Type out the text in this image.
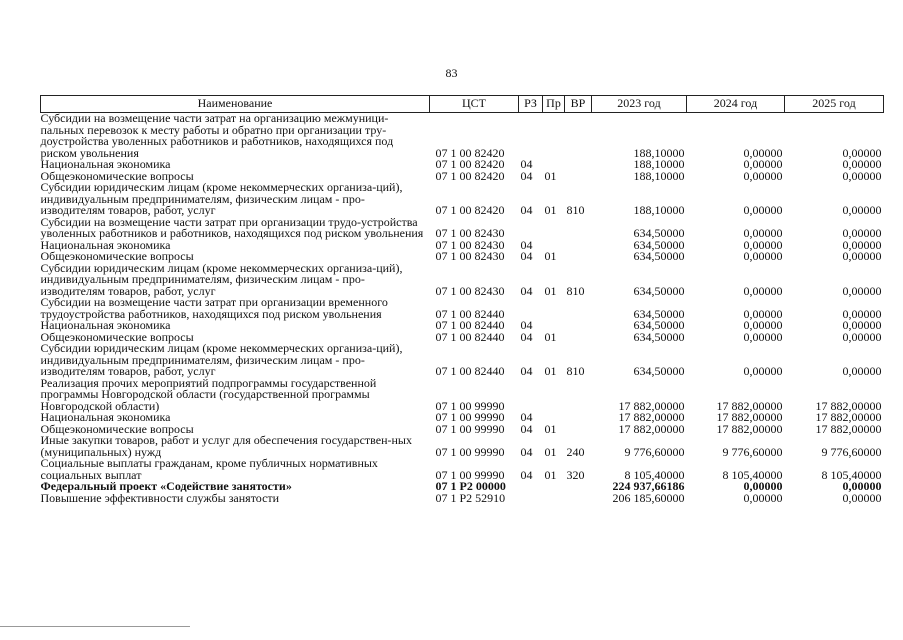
83
Наименование	ЦСТ	РЗ	Пр	ВР	2023 год	2024 год	2025 год
Субсидии на возмещение части затрат на организацию межмуници-пальных перевозок к месту работы и обратно при организации тру-доустройства уволенных работников и работников, находящихся под риском увольнения	07 1 00 82420				188,10000	0,00000	0,00000
Национальная экономика	07 1 00 82420	04			188,10000	0,00000	0,00000
Общеэкономические вопросы	07 1 00 82420	04	01		188,10000	0,00000	0,00000
Субсидии юридическим лицам (кроме некоммерческих организа-ций), индивидуальным предпринимателям, физическим лицам - про-изводителям товаров, работ, услуг	07 1 00 82420	04	01	810	188,10000	0,00000	0,00000
Субсидии на возмещение части затрат при организации трудо-устройства уволенных работников и работников, находящихся под риском увольнения	07 1 00 82430				634,50000	0,00000	0,00000
Национальная экономика	07 1 00 82430	04			634,50000	0,00000	0,00000
Общеэкономические вопросы	07 1 00 82430	04	01		634,50000	0,00000	0,00000
Субсидии юридическим лицам (кроме некоммерческих организа-ций), индивидуальным предпринимателям, физическим лицам - про-изводителям товаров, работ, услуг	07 1 00 82430	04	01	810	634,50000	0,00000	0,00000
Субсидии на возмещение части затрат при организации временного трудоустройства работников, находящихся под риском увольнения	07 1 00 82440				634,50000	0,00000	0,00000
Национальная экономика	07 1 00 82440	04			634,50000	0,00000	0,00000
Общеэкономические вопросы	07 1 00 82440	04	01		634,50000	0,00000	0,00000
Субсидии юридическим лицам (кроме некоммерческих организа-ций), индивидуальным предпринимателям, физическим лицам - про-изводителям товаров, работ, услуг	07 1 00 82440	04	01	810	634,50000	0,00000	0,00000
Реализация прочих мероприятий подпрограммы государственной программы Новгородской области (государственной программы Новгородской области)	07 1 00 99990				17 882,00000	17 882,00000	17 882,00000
Национальная экономика	07 1 00 99990	04			17 882,00000	17 882,00000	17 882,00000
Общеэкономические вопросы	07 1 00 99990	04	01		17 882,00000	17 882,00000	17 882,00000
Иные закупки товаров, работ и услуг для обеспечения государствен-ных (муниципальных) нужд	07 1 00 99990	04	01	240	9 776,60000	9 776,60000	9 776,60000
Социальные выплаты гражданам, кроме публичных нормативных социальных выплат	07 1 00 99990	04	01	320	8 105,40000	8 105,40000	8 105,40000
Федеральный проект «Содействие занятости»	07 1 P2 00000				224 937,66186	0,00000	0,00000
Повышение эффективности службы занятости	07 1 P2 52910				206 185,60000	0,00000	0,00000
